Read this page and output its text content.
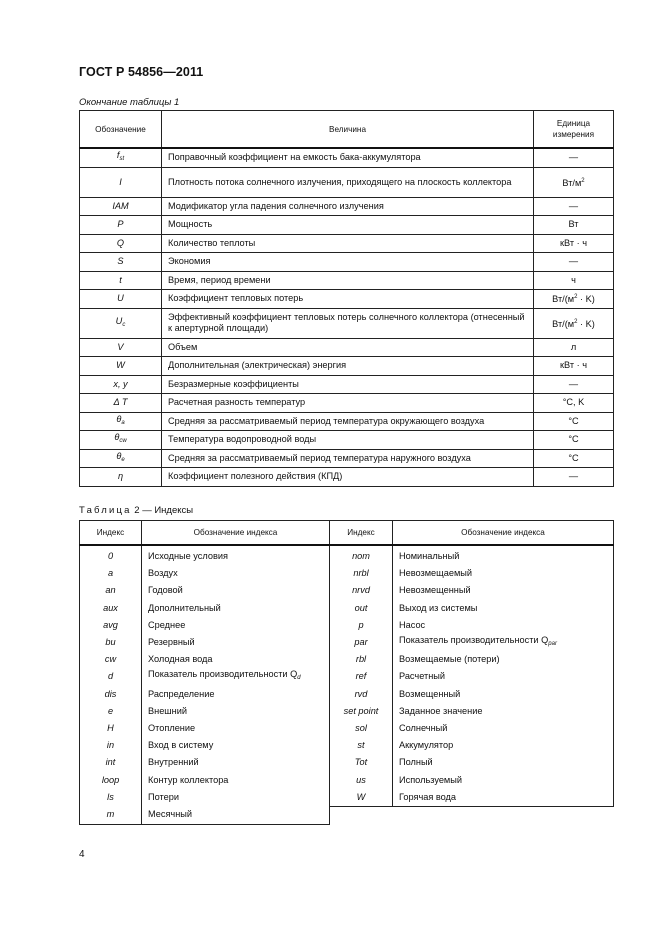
ГОСТ Р 54856—2011
Окончание таблицы 1
Обозначение	Величина	Единица измерения
$f_{st}$	Поправочный коэффициент на емкость бака-аккумулятора	—
I	Плотность потока солнечного излучения, приходящего на плоскость коллектора	$Вт/м^2$
IAM	Модификатор угла падения солнечного излучения	—
P	Мощность	Вт
Q	Количество теплоты	кВт · ч
S	Экономия	—
t	Время, период времени	ч
U	Коэффициент тепловых потерь	$Вт/(м^2 \cdot K)$
$U_c$	Эффективный коэффициент тепловых потерь солнечного коллектора (отнесенный к апертурной площади)	$Вт/(м^2 \cdot K)$
V	Объем	л
W	Дополнительная (электрическая) энергия	кВт · ч
x, y	Безразмерные коэффициенты	—
Δ T	Расчетная разность температур	°C, K
$\theta_a$	Средняя за рассматриваемый период температура окружающего воздуха	°C
$\theta_{cw}$	Температура водопроводной воды	°C
$\theta_e$	Средняя за рассматриваемый период температура наружного воздуха	°C
η	Коэффициент полезного действия (КПД)	—
Таблица 2 — Индексы
Индекс	Обозначение индекса	Индекс	Обозначение индекса
0	Исходные условия	nom	Номинальный
a	Воздух	nrbl	Невозмещаемый
an	Годовой	nrvd	Невозмещенный
aux	Дополнительный	out	Выход из системы
avg	Среднее	p	Насос
bu	Резервный	par	Показатель производительности $Q_{par}$
cw	Холодная вода	rbl	Возмещаемые (потери)
d	Показатель производительности $Q_d$	ref	Расчетный
dis	Распределение	rvd	Возмещенный
e	Внешний	set point	Заданное значение
H	Отопление	sol	Солнечный
in	Вход в систему	st	Аккумулятор
int	Внутренний	Tot	Полный
loop	Контур коллектора	us	Используемый
ls	Потери	W	Горячая вода
m	Месячный		
4
